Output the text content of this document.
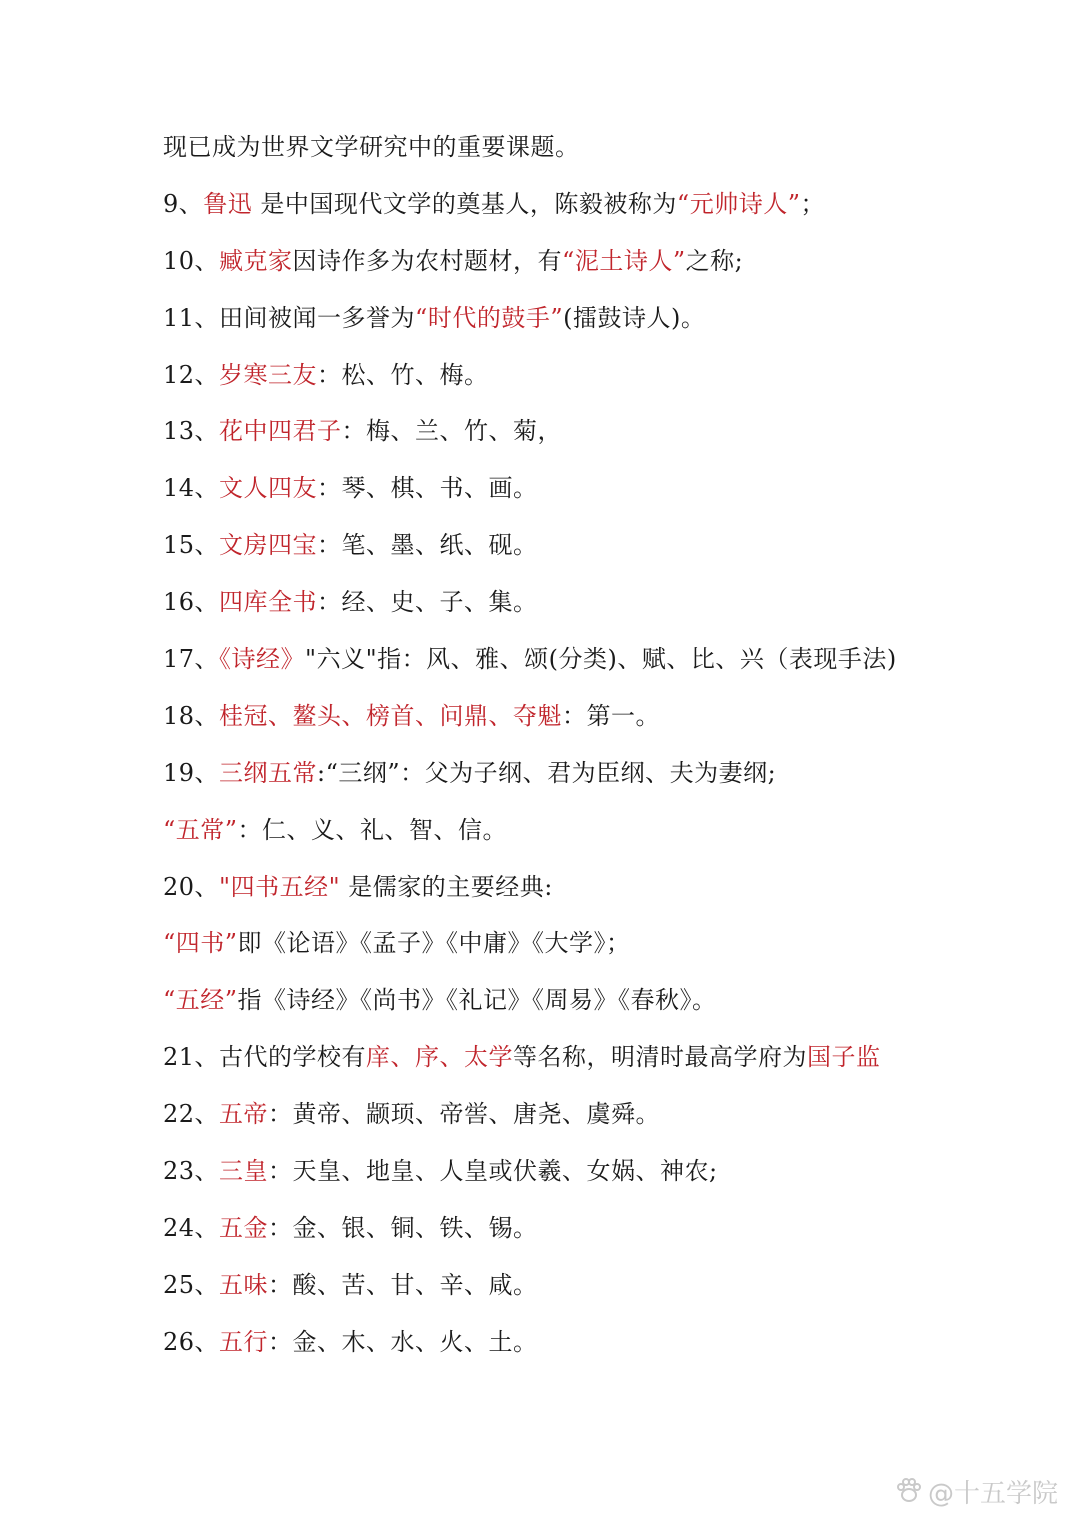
现已成为世界文学研究中的重要课题。
9、鲁迅 是中国现代文学的奠基人，陈毅被称为“元帅诗人”；
10、臧克家因诗作多为农村题材，有“泥土诗人”之称;
11、田间被闻一多誉为“时代的鼓手”(擂鼓诗人)。
12、岁寒三友：松、竹、梅。
13、花中四君子：梅、兰、竹、菊，
14、文人四友：琴、棋、书、画。
15、文房四宝：笔、墨、纸、砚。
16、四库全书：经、史、子、集。
17、《诗经》"六义"指：风、雅、颂(分类)、赋、比、兴（表现手法)
18、桂冠、鳌头、榜首、问鼎、夺魁：第一。
19、三纲五常:“三纲”：父为子纲、君为臣纲、夫为妻纲;
“五常”：仁、义、礼、智、信。
20、"四书五经" 是儒家的主要经典:
“四书”即《论语》《孟子》《中庸》《大学》；
“五经”指《诗经》《尚书》《礼记》《周易》《春秋》。
21、古代的学校有庠、序、太学等名称，明清时最高学府为国子监
22、五帝：黄帝、颛顼、帝喾、唐尧、虞舜。
23、三皇：天皇、地皇、人皇或伏羲、女娲、神农;
24、五金：金、银、铜、铁、锡。
25、五味：酸、苦、甘、辛、咸。
26、五行：金、木、水、火、土。
@十五学院
